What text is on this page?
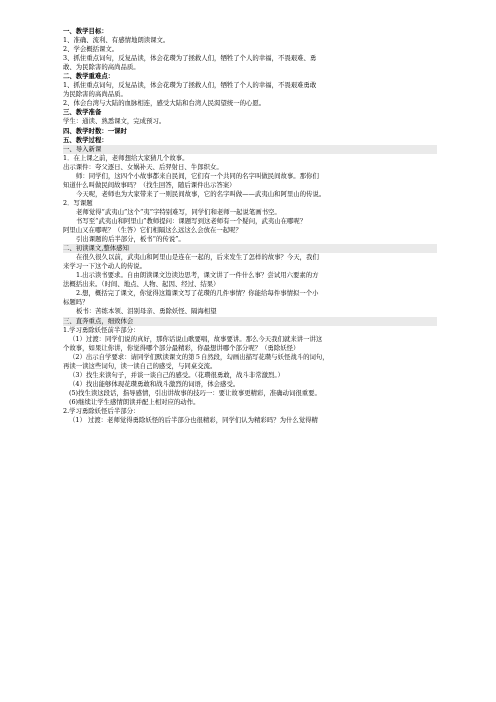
一、教学目标：
1、准确、流利、有感情地朗读课文。
2、学会概括课文。
3、抓住重点词句，反复品读，体会花瓒为了拯救人们，牺牲了个人的幸福，不畏艰难、勇
敢、为民除害的高尚品质。
二、教学重难点：
1、抓住重点词句，反复品读，体会花瓒为了拯救人们，牺牲了个人的幸福，不畏艰难勇敢
为民除害的高尚品质。
2、体会台湾与大陆的血脉相连，感受大陆和台湾人民渴望统一的心愿。
三、教学准备
学生：通读、熟悉课文，完成预习。
四、教学时数：一课时
五、教学过程：
一、导入新课
1．在上课之前，老师想给大家猜几个故事。
出示课件：夸父逐日、女娲补天、后羿射日、牛郎织女。
师：同学们，这四个小故事都来自民间，它们有一个共同的名字叫做民间故事。那你们
知道什么叫做民间故事吗？（找生回答，随后课件出示答案）
今天呢，老师也为大家带来了一则民间故事，它的名字叫做——武夷山和阿里山的传说。
2．写课题
老师觉得“武夷山”这个“夷”字特别难写，同学们和老师一起说笔画书空。
书写至“武夷山和阿里山”教师提问：课题写到这老师有一个疑问，武夷山在哪呢？
阿里山又在哪呢？（生答）它们相隔这么远这么会放在一起呢？
引出课题的后半部分，板书“的传说”。
二、初读课文,整体感知
在很久很久以前，武夷山和阿里山是连在一起的，后来发生了怎样的故事？今天，我们
来学习一下这个动人的传说。
1.出示读书要求。自由朗读课文边读边思考，课文讲了一件什么事？尝试用六要素的方
法概括出来。（时间、地点、人物、起因、经过、结果）
2.想，概括完了课文，你觉得这篇课文写了花瓒的几件事情？你能给每件事情拟一个小
标题吗？
板书：苦练本领、泪别母亲、勇除妖怪、隔海相望
三、直奔重点，细致体会
1.学习勇除妖怪前半部分：
（1）过渡：同学们说的真好，那你话说山歌要唱，故事要讲。那么今天我们就来讲一讲这
个故事，如果让你讲，你觉得哪个部分最精彩，你最想讲哪个部分呢？（勇除妖怪）
（2）出示自学要求：请同学们默读课文的第５自然段，勾画出描写花瓒与妖怪战斗的词句，
再读一读这些词句，读一读自己的感受，与同桌交流。
（3）找生来读句子，并谈一谈自己的感受。（花瓒很勇敢，战斗非常激烈。）
（4）找出能够体现花瓒勇敢和战斗激烈的词语，体会感受。
(5)找生读这段话，指导感情，引出讲故事的技巧一：要让故事更精彩，准确动词很重要。
(6)继续让学生感情朗读并配上相对应的动作。
2.学习勇除妖怪后半部分：
（1） 过渡：老师觉得勇除妖怪的后半部分也很精彩，同学们认为精彩吗？为什么觉得精
